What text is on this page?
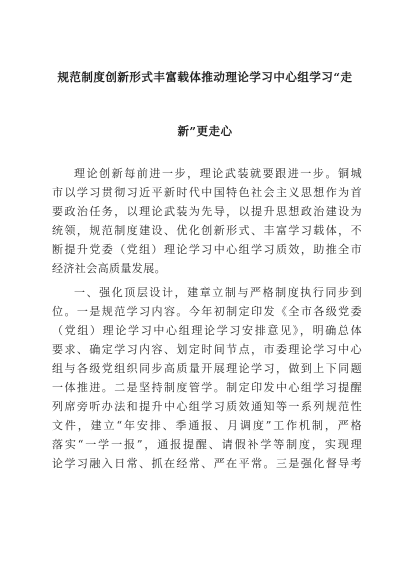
规范制度创新形式丰富载体推动理论学习中心组学习“走
新”更走心
理论创新每前进一步，理论武装就要跟进一步。铜城
市以学习贯彻习近平新时代中国特色社会主义思想作为首
要政治任务，以理论武装为先导，以提升思想政治建设为
统领，规范制度建设、优化创新形式、丰富学习载体，不
断提升党委（党组）理论学习中心组学习质效，助推全市
经济社会高质量发展。
一、强化顶层设计，建章立制与严格制度执行同步到
位。一是规范学习内容。今年初制定印发《全市各级党委
（党组）理论学习中心组理论学习安排意见》，明确总体
要求、确定学习内容、划定时间节点，市委理论学习中心
组与各级党组织同步高质量开展理论学习，做到上下同题
一体推进。二是坚持制度管学。制定印发中心组学习提醒
列席旁听办法和提升中心组学习质效通知等一系列规范性
文件，建立“年安排、季通报、月调度”工作机制，严格
落实“一学一报”，通报提醒、请假补学等制度，实现理
论学习融入日常、抓在经常、严在平常。三是强化督导考
